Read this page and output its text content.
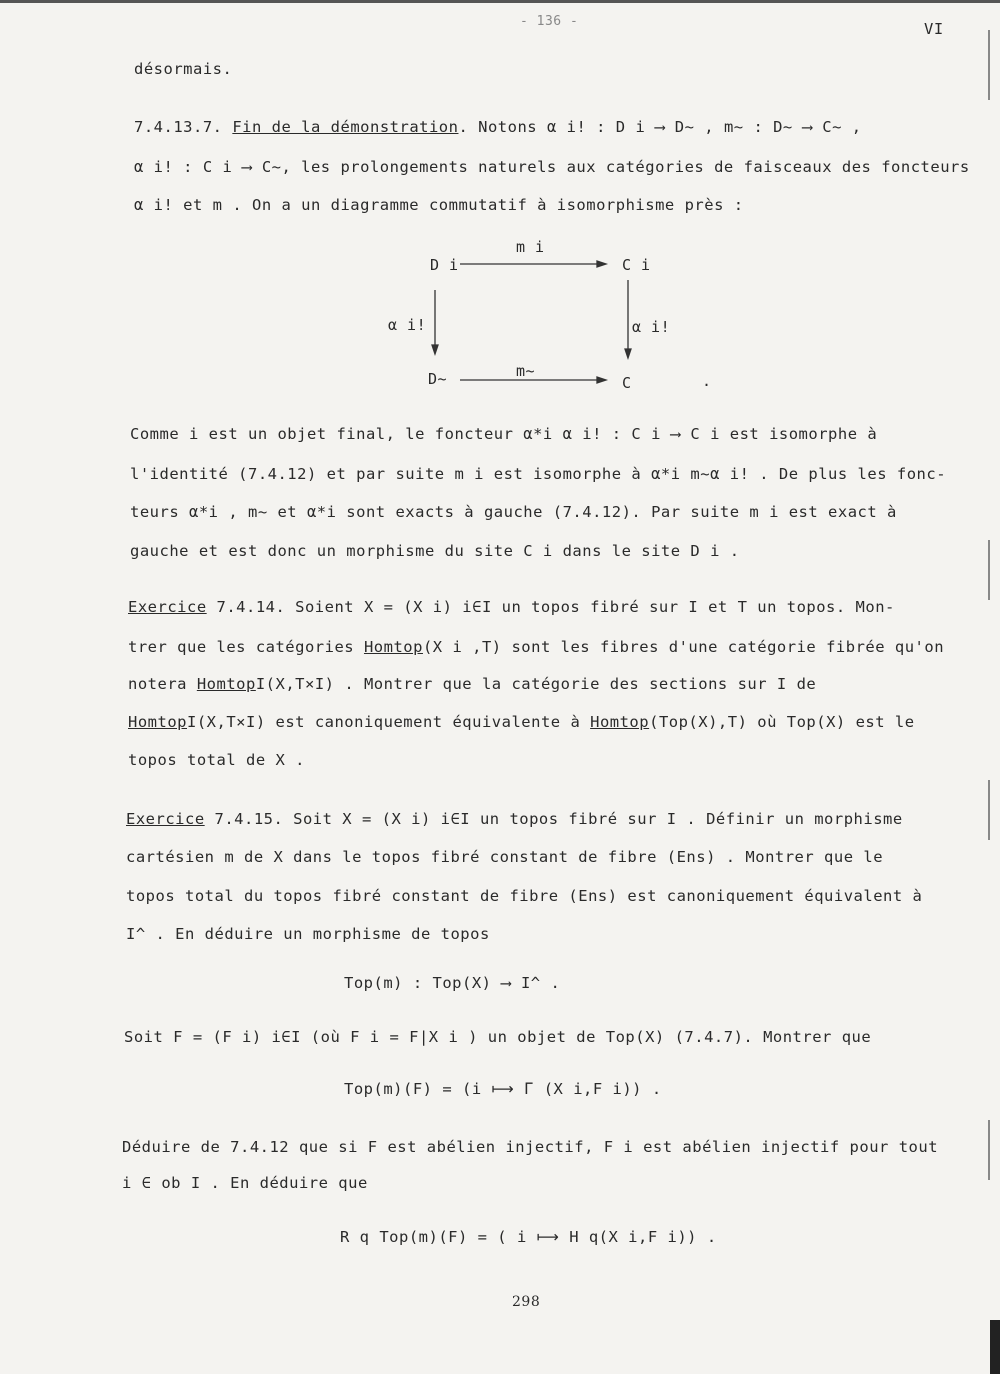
- 136 -	VI
désormais.
7.4.13.7. Fin de la démonstration. Notons α i! : D i ⟶ D~ , m~ : D~ ⟶ C~ ,
α i! : C i ⟶ C~, les prolongements naturels aux catégories de faisceaux des foncteurs
α i! et m . On a un diagramme commutatif à isomorphisme près :
D i	C i
D~	C
m i
m~
α i!	α i!
.
Comme i est un objet final, le foncteur α*i α i! : C i ⟶ C i est isomorphe à
l'identité (7.4.12) et par suite m i est isomorphe à α*i m~α i! . De plus les fonc-
teurs α*i , m~ et α*i sont exacts à gauche (7.4.12). Par suite m i est exact à
gauche et est donc un morphisme du site C i dans le site D i .
Exercice 7.4.14. Soient X = (X i) i∈I un topos fibré sur I et T un topos. Mon-
trer que les catégories Homtop(X i ,T) sont les fibres d'une catégorie fibrée qu'on
notera HomtopI(X,T×I) . Montrer que la catégorie des sections sur I de
HomtopI(X,T×I) est canoniquement équivalente à Homtop(Top(X),T) où Top(X) est le
topos total de X .
Exercice 7.4.15. Soit X = (X i) i∈I un topos fibré sur I . Définir un morphisme
cartésien m de X dans le topos fibré constant de fibre (Ens) . Montrer que le
topos total du topos fibré constant de fibre (Ens) est canoniquement équivalent à
I^ . En déduire un morphisme de topos
Top(m) : Top(X) ⟶ I^ .
Soit F = (F i) i∈I (où F i = F|X i ) un objet de Top(X) (7.4.7). Montrer que
Top(m)(F) = (i ⟼ Γ (X i,F i)) .
Déduire de 7.4.12 que si F est abélien injectif, F i est abélien injectif pour tout
i ∈ ob I . En déduire que
R q Top(m)(F) = ( i ⟼ H q(X i,F i)) .
298
